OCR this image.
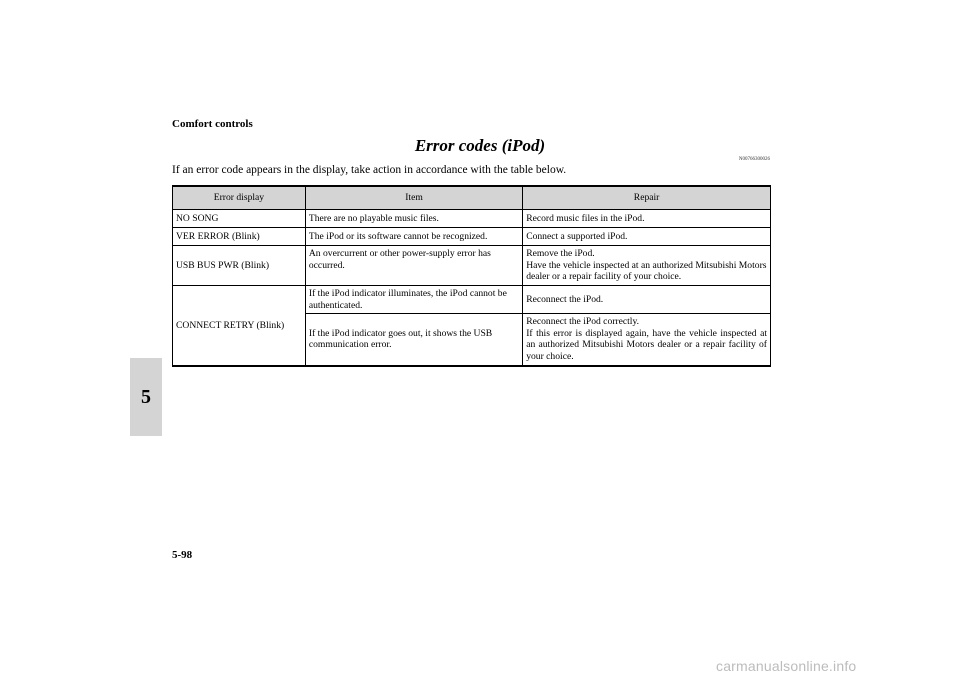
Comfort controls
5
Error codes (iPod)
N00766300026
If an error code appears in the display, take action in accordance with the table below.
Error display	Item	Repair
NO SONG	There are no playable music files.	Record music files in the iPod.
VER ERROR (Blink)	The iPod or its software cannot be recognized.	Connect a supported iPod.
USB BUS PWR (Blink)	An overcurrent or other power-supply error has occurred.	Remove the iPod.
Have the vehicle inspected at an authorized Mitsubishi Motors dealer or a repair facility of your choice.
CONNECT RETRY (Blink)	If the iPod indicator illuminates, the iPod cannot be authenticated.	Reconnect the iPod.
	If the iPod indicator goes out, it shows the USB communication error.	Reconnect the iPod correctly.
If this error is displayed again, have the vehicle inspected at an authorized Mitsubishi Motors dealer or a repair facility of your choice.
5-98
carmanualsonline.info
